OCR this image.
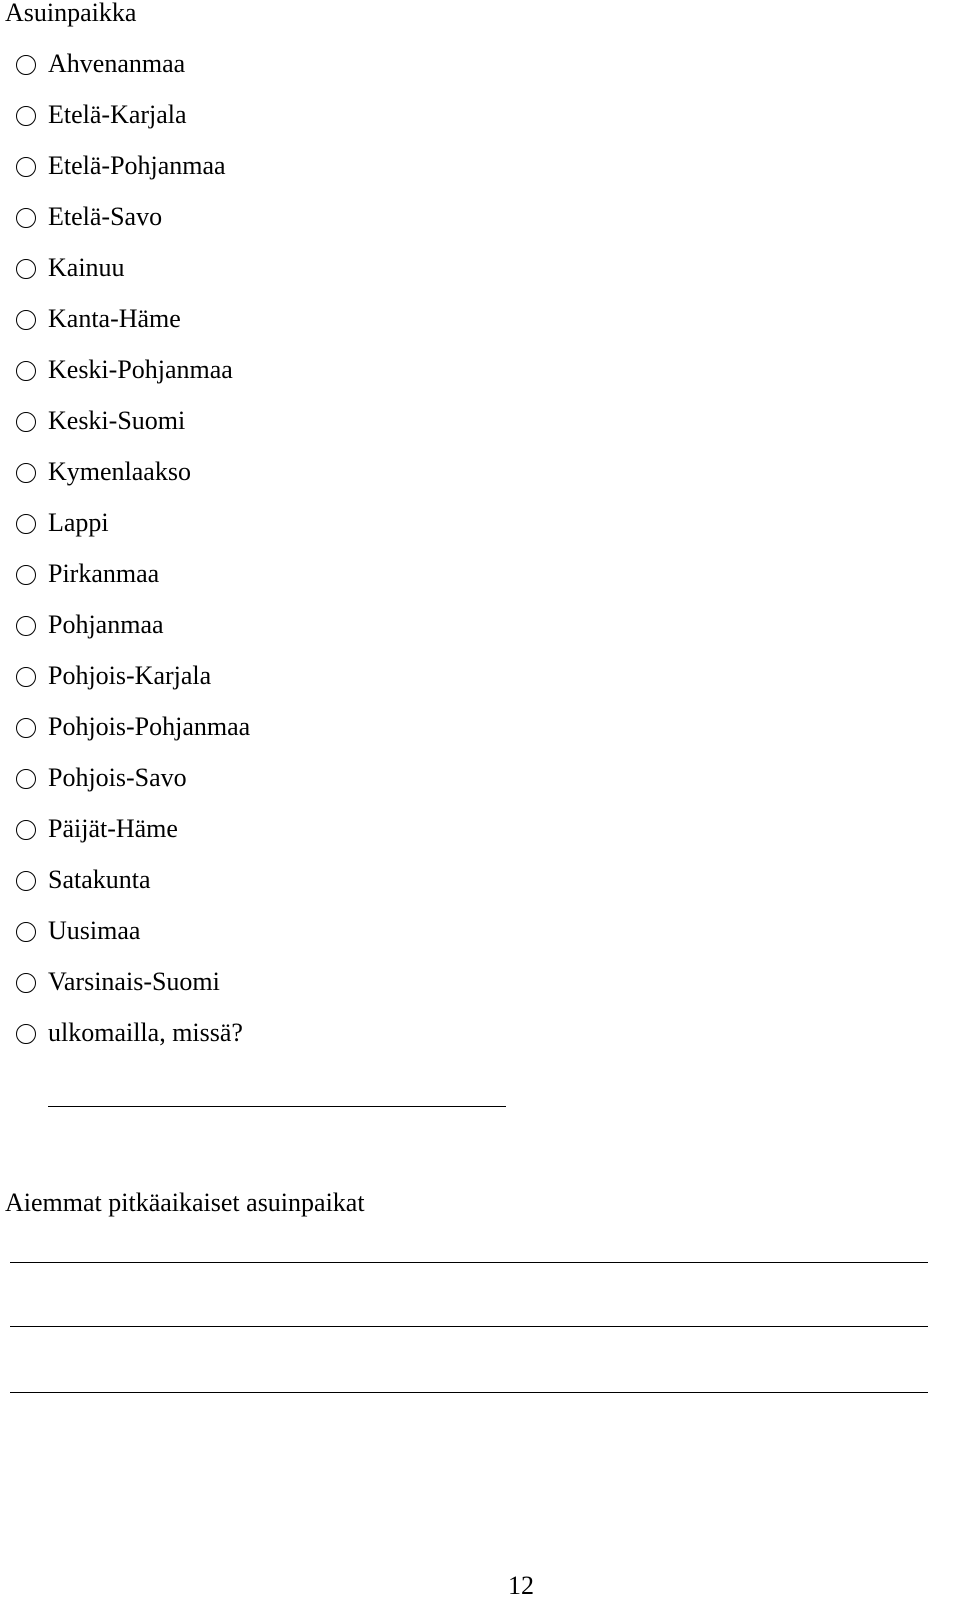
Asuinpaikka
Ahvenanmaa
Etelä-Karjala
Etelä-Pohjanmaa
Etelä-Savo
Kainuu
Kanta-Häme
Keski-Pohjanmaa
Keski-Suomi
Kymenlaakso
Lappi
Pirkanmaa
Pohjanmaa
Pohjois-Karjala
Pohjois-Pohjanmaa
Pohjois-Savo
Päijät-Häme
Satakunta
Uusimaa
Varsinais-Suomi
ulkomailla, missä?
Aiemmat pitkäaikaiset asuinpaikat
12
